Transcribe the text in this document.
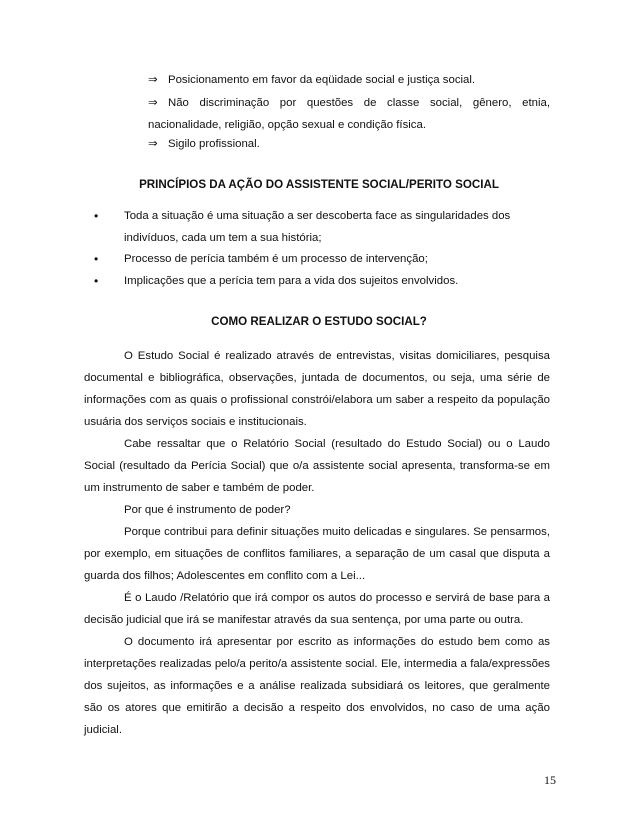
⇒ Posicionamento em favor da eqüidade social e justiça social.
⇒ Não discriminação por questões de classe social, gênero, etnia,
nacionalidade, religião, opção sexual e condição física.
⇒ Sigilo profissional.
PRINCÍPIOS DA AÇÃO DO ASSISTENTE SOCIAL/PERITO SOCIAL
• Toda a situação é uma situação a ser descoberta face as singularidades dos indivíduos, cada um tem a sua história;
• Processo de perícia também é um processo de intervenção;
• Implicações que a perícia tem para a vida dos sujeitos envolvidos.
COMO REALIZAR O ESTUDO SOCIAL?
O Estudo Social é realizado através de entrevistas, visitas domiciliares, pesquisa documental e bibliográfica, observações, juntada de documentos, ou seja, uma série de informações com as quais o profissional constrói/elabora um saber a respeito da população usuária dos serviços sociais e institucionais.
Cabe ressaltar que o Relatório Social (resultado do Estudo Social) ou o Laudo Social (resultado da Perícia Social) que o/a assistente social apresenta, transforma-se em um instrumento de saber e também de poder.
Por que é instrumento de poder?
Porque contribui para definir situações muito delicadas e singulares. Se pensarmos, por exemplo, em situações de conflitos familiares, a separação de um casal que disputa a guarda dos filhos; Adolescentes em conflito com a Lei...
É o Laudo /Relatório que irá compor os autos do processo e servirá de base para a decisão judicial que irá se manifestar através da sua sentença, por uma parte ou outra.
O documento irá apresentar por escrito as informações do estudo bem como as interpretações realizadas pelo/a perito/a assistente social. Ele, intermedia a fala/expressões dos sujeitos, as informações e a análise realizada subsidiará os leitores, que geralmente são os atores que emitirão a decisão a respeito dos envolvidos, no caso de uma ação judicial.
15
